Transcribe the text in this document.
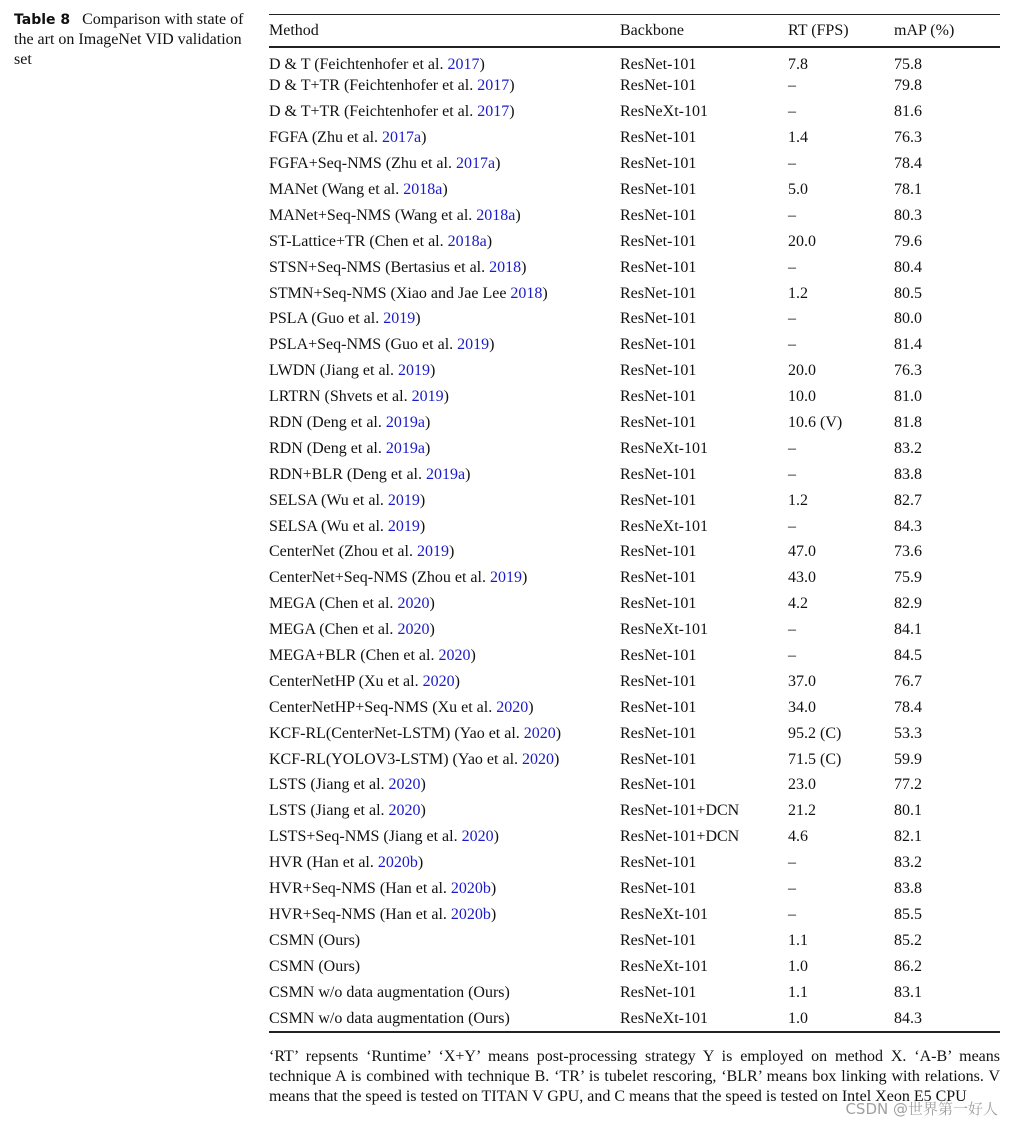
Table 8 Comparison with state of the art on ImageNet VID validation set
Method	Backbone	RT (FPS)	mAP (%)
D & T (Feichtenhofer et al. 2017)	ResNet-101	7.8	75.8
D & T+TR (Feichtenhofer et al. 2017)	ResNet-101	–	79.8
D & T+TR (Feichtenhofer et al. 2017)	ResNeXt-101	–	81.6
FGFA (Zhu et al. 2017a)	ResNet-101	1.4	76.3
FGFA+Seq-NMS (Zhu et al. 2017a)	ResNet-101	–	78.4
MANet (Wang et al. 2018a)	ResNet-101	5.0	78.1
MANet+Seq-NMS (Wang et al. 2018a)	ResNet-101	–	80.3
ST-Lattice+TR (Chen et al. 2018a)	ResNet-101	20.0	79.6
STSN+Seq-NMS (Bertasius et al. 2018)	ResNet-101	–	80.4
STMN+Seq-NMS (Xiao and Jae Lee 2018)	ResNet-101	1.2	80.5
PSLA (Guo et al. 2019)	ResNet-101	–	80.0
PSLA+Seq-NMS (Guo et al. 2019)	ResNet-101	–	81.4
LWDN (Jiang et al. 2019)	ResNet-101	20.0	76.3
LRTRN (Shvets et al. 2019)	ResNet-101	10.0	81.0
RDN (Deng et al. 2019a)	ResNet-101	10.6 (V)	81.8
RDN (Deng et al. 2019a)	ResNeXt-101	–	83.2
RDN+BLR (Deng et al. 2019a)	ResNet-101	–	83.8
SELSA (Wu et al. 2019)	ResNet-101	1.2	82.7
SELSA (Wu et al. 2019)	ResNeXt-101	–	84.3
CenterNet (Zhou et al. 2019)	ResNet-101	47.0	73.6
CenterNet+Seq-NMS (Zhou et al. 2019)	ResNet-101	43.0	75.9
MEGA (Chen et al. 2020)	ResNet-101	4.2	82.9
MEGA (Chen et al. 2020)	ResNeXt-101	–	84.1
MEGA+BLR (Chen et al. 2020)	ResNet-101	–	84.5
CenterNetHP (Xu et al. 2020)	ResNet-101	37.0	76.7
CenterNetHP+Seq-NMS (Xu et al. 2020)	ResNet-101	34.0	78.4
KCF-RL(CenterNet-LSTM) (Yao et al. 2020)	ResNet-101	95.2 (C)	53.3
KCF-RL(YOLOV3-LSTM) (Yao et al. 2020)	ResNet-101	71.5 (C)	59.9
LSTS (Jiang et al. 2020)	ResNet-101	23.0	77.2
LSTS (Jiang et al. 2020)	ResNet-101+DCN	21.2	80.1
LSTS+Seq-NMS (Jiang et al. 2020)	ResNet-101+DCN	4.6	82.1
HVR (Han et al. 2020b)	ResNet-101	–	83.2
HVR+Seq-NMS (Han et al. 2020b)	ResNet-101	–	83.8
HVR+Seq-NMS (Han et al. 2020b)	ResNeXt-101	–	85.5
CSMN (Ours)	ResNet-101	1.1	85.2
CSMN (Ours)	ResNeXt-101	1.0	86.2
CSMN w/o data augmentation (Ours)	ResNet-101	1.1	83.1
CSMN w/o data augmentation (Ours)	ResNeXt-101	1.0	84.3
‘RT’ repsents ‘Runtime’ ‘X+Y’ means post-processing strategy Y is employed on method X. ‘A-B’ means technique A is combined with technique B. ‘TR’ is tubelet rescoring, ‘BLR’ means box linking with relations. V means that the speed is tested on TITAN V GPU, and C means that the speed is tested on Intel Xeon E5 CPU
CSDN @世界第一好人
